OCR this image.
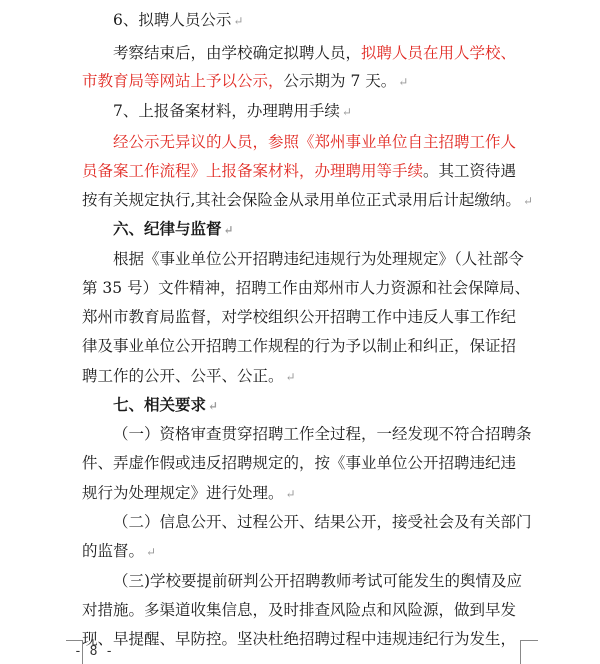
6、拟聘人员公示 ↵
考察结束后，由学校确定拟聘人员，拟聘人员在用人学校、
市教育局等网站上予以公示，公示期为 7 天。 ↵
7、上报备案材料，办理聘用手续 ↵
经公示无异议的人员，参照《郑州事业单位自主招聘工作人
员备案工作流程》上报备案材料，办理聘用等手续。其工资待遇
按有关规定执行,其社会保险金从录用单位正式录用后计起缴纳。 ↵
六、纪律与监督 ↵
根据《事业单位公开招聘违纪违规行为处理规定》（人社部令
第 35 号）文件精神，招聘工作由郑州市人力资源和社会保障局、
郑州市教育局监督，对学校组织公开招聘工作中违反人事工作纪
律及事业单位公开招聘工作规程的行为予以制止和纠正，保证招
聘工作的公开、公平、公正。 ↵
七、相关要求 ↵
（一）资格审查贯穿招聘工作全过程，一经发现不符合招聘条
件、弄虚作假或违反招聘规定的，按《事业单位公开招聘违纪违
规行为处理规定》进行处理。 ↵
（二）信息公开、过程公开、结果公开，接受社会及有关部门
的监督。 ↵
（三)学校要提前研判公开招聘教师考试可能发生的舆情及应
对措施。多渠道收集信息，及时排查风险点和风险源，做到早发
现、早提醒、早防控。坚决杜绝招聘过程中违规违纪行为发生，
- 8 -
